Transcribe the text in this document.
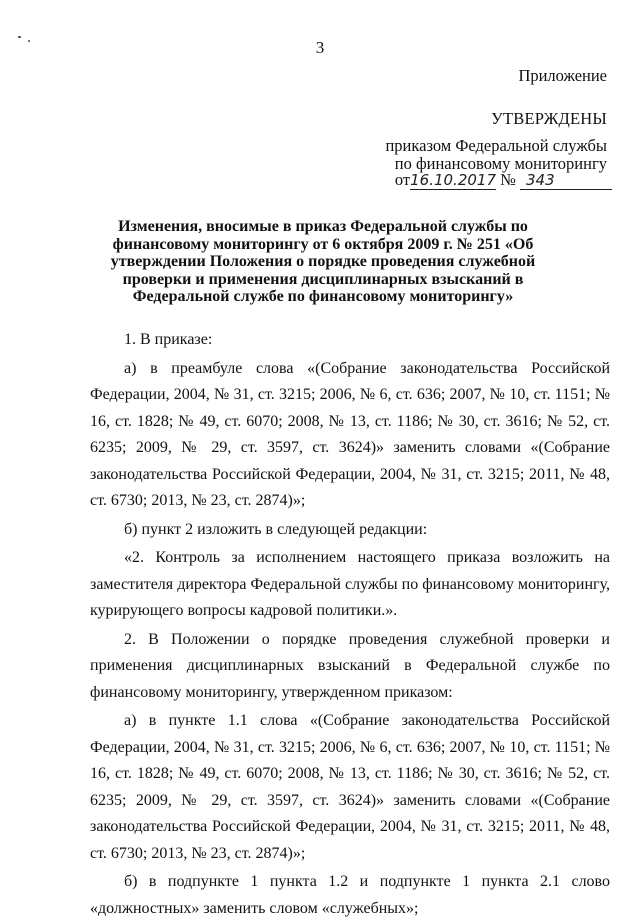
3
Приложение
УТВЕРЖДЕНЫ
приказом Федеральной службы
по финансовому мониторингу
от16.10.2017 № 343
Изменения, вносимые в приказ Федеральной службы по финансовому мониторингу от 6 октября 2009 г. № 251 «Об утверждении Положения о порядке проведения служебной проверки и применения дисциплинарных взысканий в Федеральной службе по финансовому мониторингу»

1. В приказе:

а) в преамбуле слова «(Собрание законодательства Российской Федерации, 2004, № 31, ст. 3215; 2006, № 6, ст. 636; 2007, № 10, ст. 1151; № 16, ст. 1828; № 49, ст. 6070; 2008, № 13, ст. 1186; № 30, ст. 3616; № 52, ст. 6235; 2009, № 29, ст. 3597, ст. 3624)» заменить словами «(Собрание законодательства Российской Федерации, 2004, № 31, ст. 3215; 2011, № 48, ст. 6730; 2013, № 23, ст. 2874)»;

б) пункт 2 изложить в следующей редакции:

«2. Контроль за исполнением настоящего приказа возложить на заместителя директора Федеральной службы по финансовому мониторингу, курирующего вопросы кадровой политики.».

2. В Положении о порядке проведения служебной проверки и применения дисциплинарных взысканий в Федеральной службе по финансовому мониторингу, утвержденном приказом:

а) в пункте 1.1 слова «(Собрание законодательства Российской Федерации, 2004, № 31, ст. 3215; 2006, № 6, ст. 636; 2007, № 10, ст. 1151; № 16, ст. 1828; № 49, ст. 6070; 2008, № 13, ст. 1186; № 30, ст. 3616; № 52, ст. 6235; 2009, № 29, ст. 3597, ст. 3624)» заменить словами «(Собрание законодательства Российской Федерации, 2004, № 31, ст. 3215; 2011, № 48, ст. 6730; 2013, № 23, ст. 2874)»;

б) в подпункте 1 пункта 1.2 и подпункте 1 пункта 2.1 слово «должностных» заменить словом «служебных»;
